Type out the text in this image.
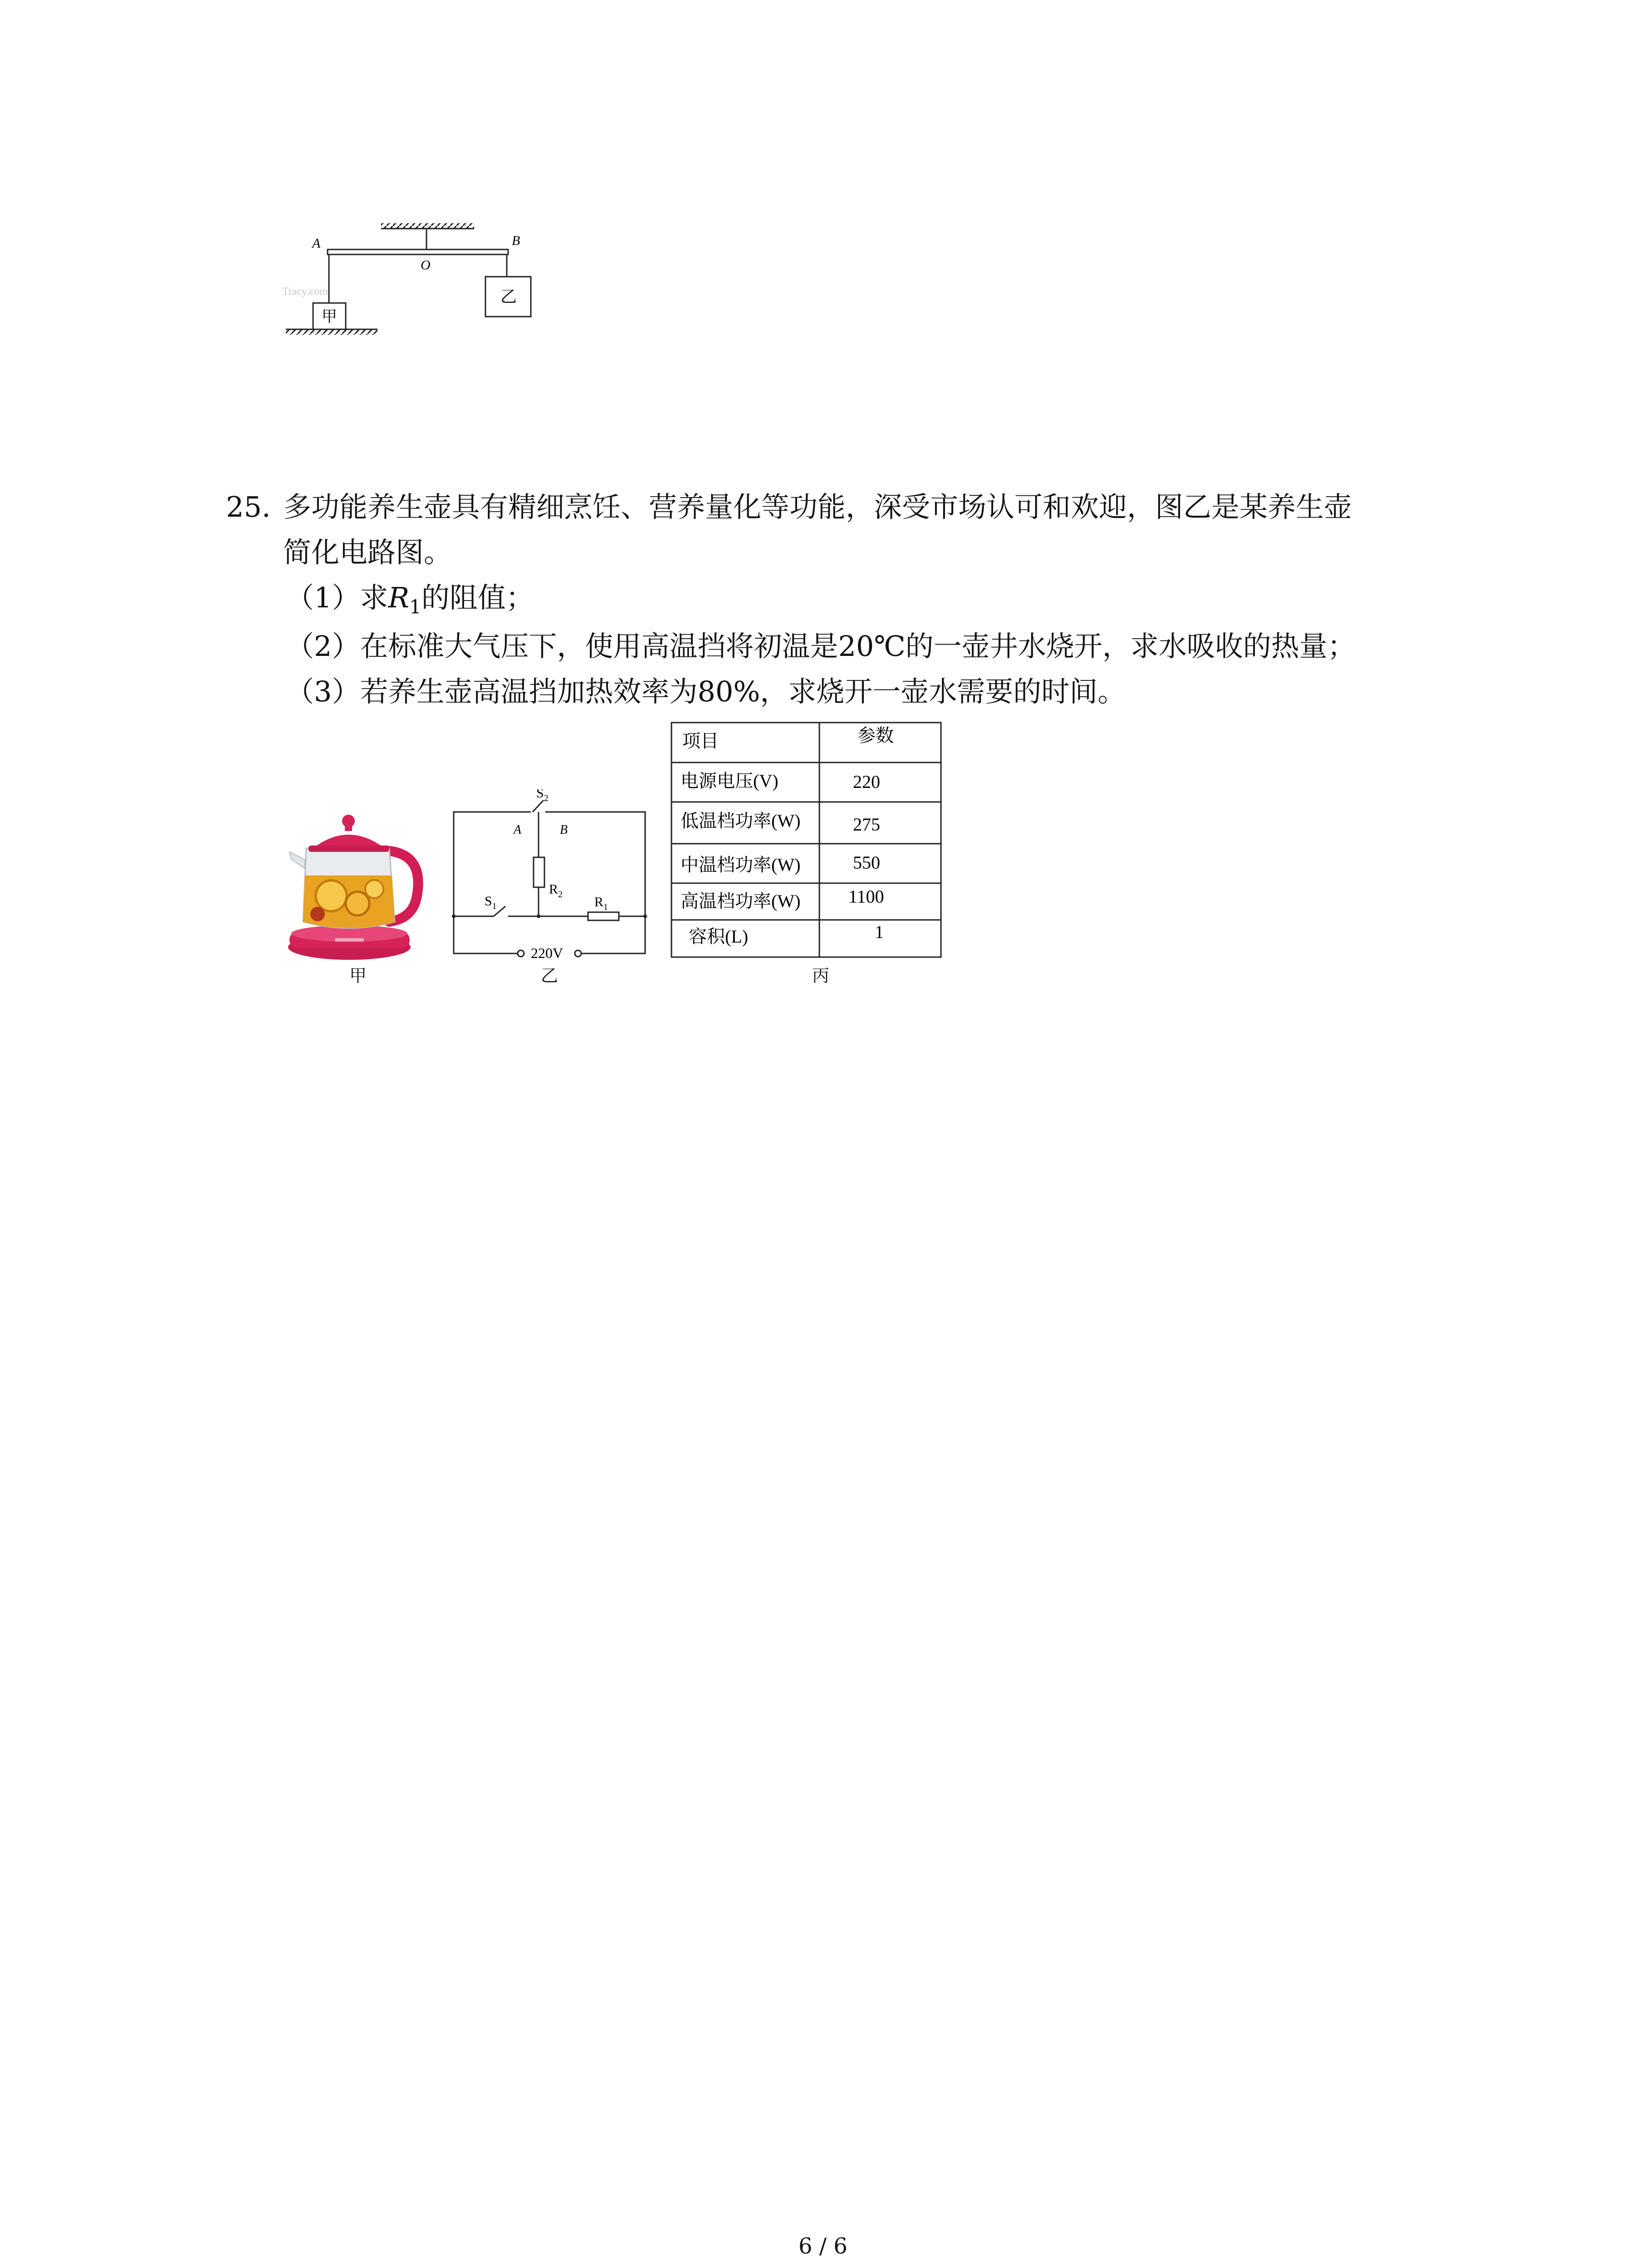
A	B
O
甲
乙
Tracy.com
25. 多功能养生壶具有精细烹饪、营养量化等功能，深受市场认可和欢迎，图乙是某养生壶
简化电路图。
（1）求$R_1$的阻值；
（2）在标准大气压下，使用高温挡将初温是20℃的一壶井水烧开，求水吸收的热量；
（3）若养生壶高温挡加热效率为80%，求烧开一壶水需要的时间。
甲
$S_2$
A	B
$R_2$
$S_1$	$R_1$
220V
乙
项目	参数
电源电压(V)	220
低温档功率(W)	275
中温档功率(W)	550
高温档功率(W)	1100
容积(L)	1
丙
6 / 6
